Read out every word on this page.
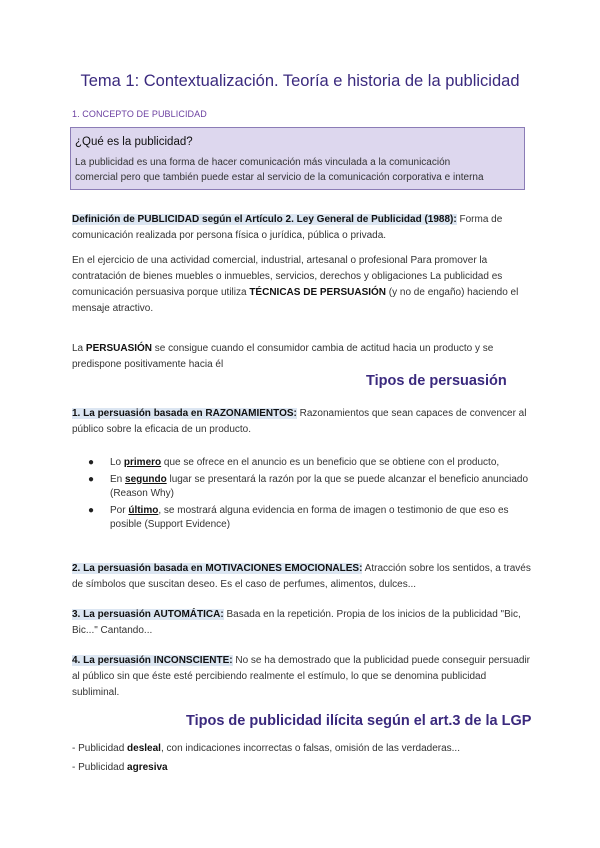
Tema 1: Contextualización. Teoría e historia de la publicidad
1. CONCEPTO DE PUBLICIDAD
¿Qué es la publicidad?
La publicidad es una forma de hacer comunicación más vinculada a la comunicación
comercial pero que también puede estar al servicio de la comunicación corporativa e interna
Definición de PUBLICIDAD según el Artículo 2. Ley General de Publicidad (1988): Forma de comunicación realizada por persona física o jurídica, pública o privada.
En el ejercicio de una actividad comercial, industrial, artesanal o profesional Para promover la contratación de bienes muebles o inmuebles, servicios, derechos y obligaciones La publicidad es comunicación persuasiva porque utiliza TÉCNICAS DE PERSUASIÓN (y no de engaño) haciendo el mensaje atractivo.
La PERSUASIÓN se consigue cuando el consumidor cambia de actitud hacia un producto y se predispone positivamente hacia él
Tipos de persuasión
1. La persuasión basada en RAZONAMIENTOS: Razonamientos que sean capaces de convencer al público sobre la eficacia de un producto.
● Lo primero que se ofrece en el anuncio es un beneficio que se obtiene con el producto,
● En segundo lugar se presentará la razón por la que se puede alcanzar el beneficio anunciado (Reason Why)
● Por último, se mostrará alguna evidencia en forma de imagen o testimonio de que eso es posible (Support Evidence)
2. La persuasión basada en MOTIVACIONES EMOCIONALES: Atracción sobre los sentidos, a través de símbolos que suscitan deseo. Es el caso de perfumes, alimentos, dulces...
3. La persuasión AUTOMÁTICA: Basada en la repetición. Propia de los inicios de la publicidad "Bic, Bic..." Cantando...
4. La persuasión INCONSCIENTE: No se ha demostrado que la publicidad puede conseguir persuadir al público sin que éste esté percibiendo realmente el estímulo, lo que se denomina publicidad subliminal.
Tipos de publicidad ilícita según el art.3 de la LGP
- Publicidad desleal, con indicaciones incorrectas o falsas, omisión de las verdaderas...
- Publicidad agresiva
